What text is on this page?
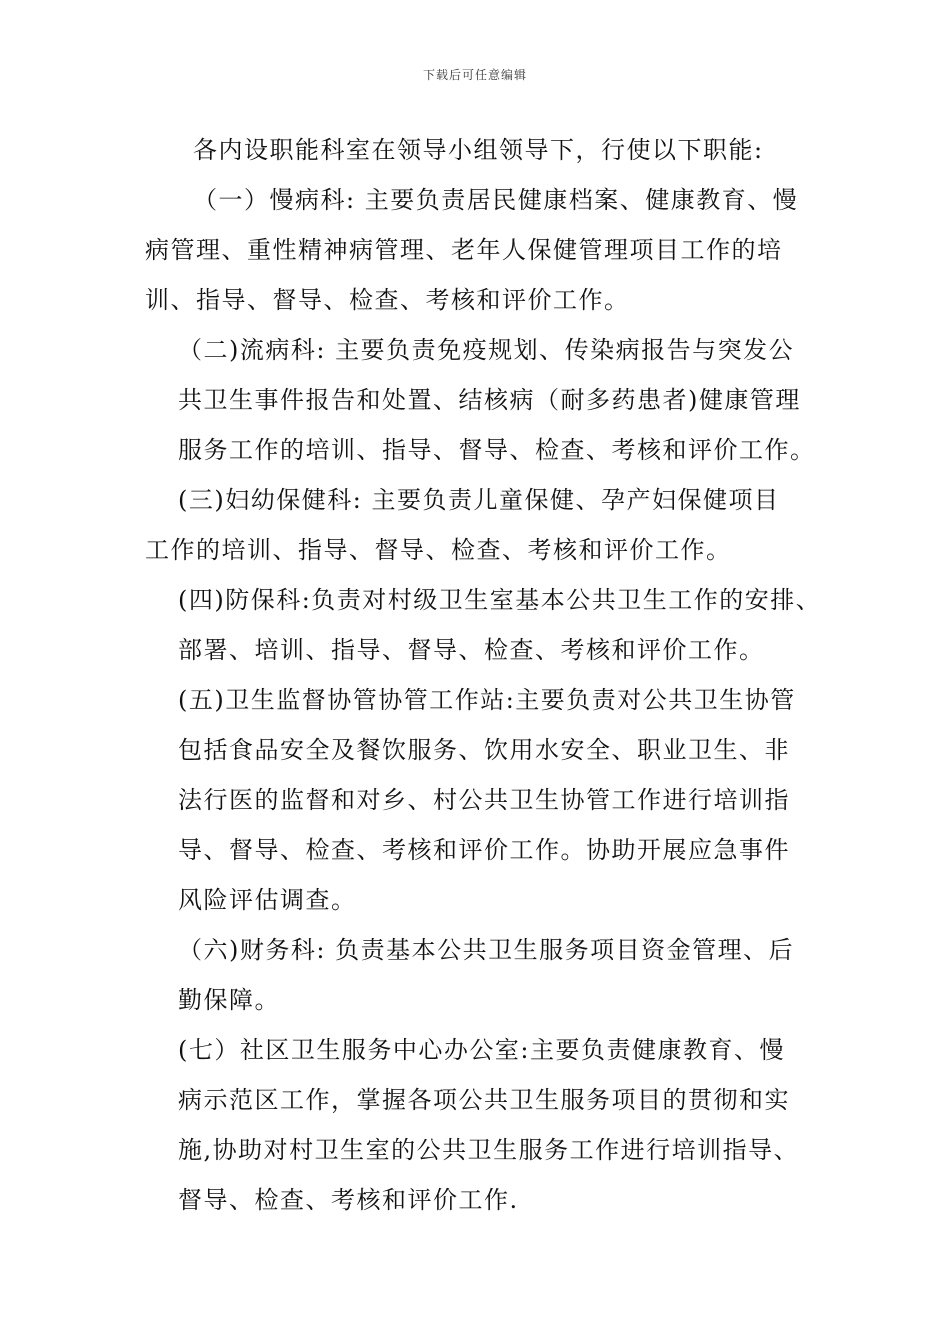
下载后可任意编辑
各内设职能科室在领导小组领导下，行使以下职能:
（一）慢病科: 主要负责居民健康档案、健康教育、慢
病管理、重性精神病管理、老年人保健管理项目工作的培
训、指导、督导、检查、考核和评价工作。
（二)流病科: 主要负责免疫规划、传染病报告与突发公
共卫生事件报告和处置、结核病（耐多药患者)健康管理
服务工作的培训、指导、督导、检查、考核和评价工作。
(三)妇幼保健科: 主要负责儿童保健、孕产妇保健项目
工作的培训、指导、督导、检查、考核和评价工作。
(四)防保科:负责对村级卫生室基本公共卫生工作的安排、
部署、培训、指导、督导、检查、考核和评价工作。
(五)卫生监督协管协管工作站:主要负责对公共卫生协管
包括食品安全及餐饮服务、饮用水安全、职业卫生、非
法行医的监督和对乡、村公共卫生协管工作进行培训指
导、督导、检查、考核和评价工作。协助开展应急事件
风险评估调查。
（六)财务科: 负责基本公共卫生服务项目资金管理、后
勤保障。
(七）社区卫生服务中心办公室:主要负责健康教育、慢
病示范区工作，掌握各项公共卫生服务项目的贯彻和实
施,协助对村卫生室的公共卫生服务工作进行培训指导、
督导、检查、考核和评价工作.
